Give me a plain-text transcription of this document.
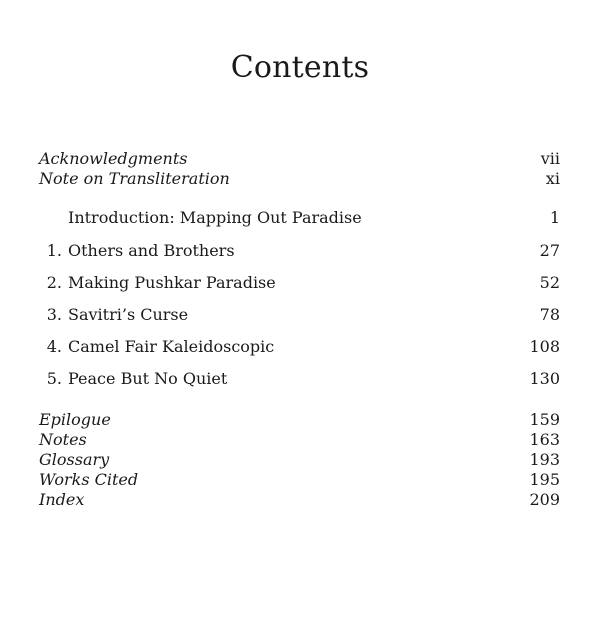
Contents
Acknowledgments	vii
Note on Transliteration	xi
Introduction: Mapping Out Paradise	1
1. Others and Brothers	27
2. Making Pushkar Paradise	52
3. Savitri’s Curse	78
4. Camel Fair Kaleidoscopic	108
5. Peace But No Quiet	130
Epilogue	159
Notes	163
Glossary	193
Works Cited	195
Index	209
